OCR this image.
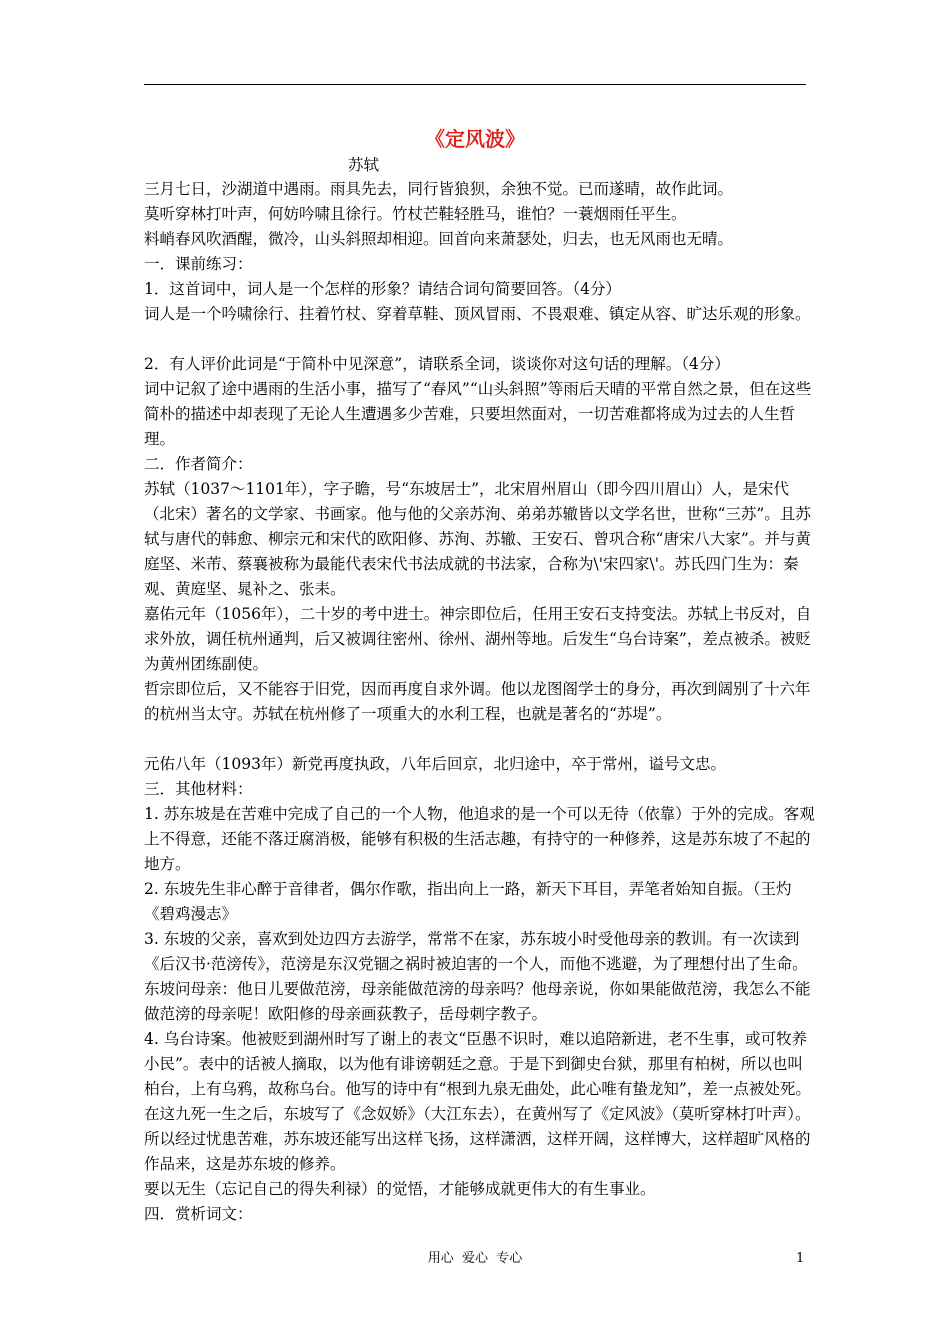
《定风波》
苏轼

三月七日，沙湖道中遇雨。雨具先去，同行皆狼狈，余独不觉。已而遂晴，故作此词。

莫听穿林打叶声，何妨吟啸且徐行。竹杖芒鞋轻胜马，谁怕？一蓑烟雨任平生。

料峭春风吹酒醒，微冷，山头斜照却相迎。回首向来萧瑟处，归去，也无风雨也无晴。

一．课前练习：

1．这首词中，词人是一个怎样的形象？请结合词句简要回答。（4分）

词人是一个吟啸徐行、拄着竹杖、穿着草鞋、顶风冒雨、不畏艰难、镇定从容、旷达乐观的形象。

2．有人评价此词是“于简朴中见深意”，请联系全词，谈谈你对这句话的理解。（4分）

词中记叙了途中遇雨的生活小事，描写了“春风”“山头斜照”等雨后天晴的平常自然之景，但在这些简朴的描述中却表现了无论人生遭遇多少苦难，只要坦然面对，一切苦难都将成为过去的人生哲理。

二．作者简介：

苏轼（1037～1101年），字子瞻，号“东坡居士”，北宋眉州眉山（即今四川眉山）人，是宋代（北宋）著名的文学家、书画家。他与他的父亲苏洵、弟弟苏辙皆以文学名世，世称“三苏”。且苏轼与唐代的韩愈、柳宗元和宋代的欧阳修、苏洵、苏辙、王安石、曾巩合称“唐宋八大家”。并与黄庭坚、米芾、蔡襄被称为最能代表宋代书法成就的书法家，合称为\'宋四家\'。苏氏四门生为：秦观、黄庭坚、晁补之、张耒。

嘉佑元年（1056年），二十岁的考中进士。神宗即位后，任用王安石支持变法。苏轼上书反对，自求外放，调任杭州通判，后又被调往密州、徐州、湖州等地。后发生“乌台诗案”，差点被杀。被贬为黄州团练副使。

哲宗即位后，又不能容于旧党，因而再度自求外调。他以龙图阁学士的身分，再次到阔别了十六年的杭州当太守。苏轼在杭州修了一项重大的水利工程，也就是著名的“苏堤”。

元佑八年（1093年）新党再度执政，八年后回京，北归途中，卒于常州，谥号文忠。

三．其他材料：

1. 苏东坡是在苦难中完成了自己的一个人物，他追求的是一个可以无待（依靠）于外的完成。客观上不得意，还能不落迂腐消极，能够有积极的生活志趣，有持守的一种修养，这是苏东坡了不起的地方。

2. 东坡先生非心醉于音律者，偶尔作歌，指出向上一路，新天下耳目，弄笔者始知自振。（王灼《碧鸡漫志》

3. 东坡的父亲，喜欢到处边四方去游学，常常不在家，苏东坡小时受他母亲的教训。有一次读到《后汉书·范滂传》，范滂是东汉党锢之祸时被迫害的一个人，而他不逃避，为了理想付出了生命。东坡问母亲：他日儿要做范滂，母亲能做范滂的母亲吗？他母亲说，你如果能做范滂，我怎么不能做范滂的母亲呢！欧阳修的母亲画荻教子，岳母刺字教子。

4. 乌台诗案。他被贬到湖州时写了谢上的表文“臣愚不识时，难以追陪新进，老不生事，或可牧养小民”。表中的话被人摘取，以为他有诽谤朝廷之意。于是下到御史台狱，那里有柏树，所以也叫柏台，上有乌鸦，故称乌台。他写的诗中有“根到九泉无曲处，此心唯有蛰龙知”，差一点被处死。在这九死一生之后，东坡写了《念奴娇》（大江东去），在黄州写了《定风波》（莫听穿林打叶声）。所以经过忧患苦难，苏东坡还能写出这样飞扬，这样潇洒，这样开阔，这样博大，这样超旷风格的作品来，这是苏东坡的修养。

要以无生（忘记自己的得失利禄）的觉悟，才能够成就更伟大的有生事业。

四．赏析词文：

用心  爱心  专心	1
